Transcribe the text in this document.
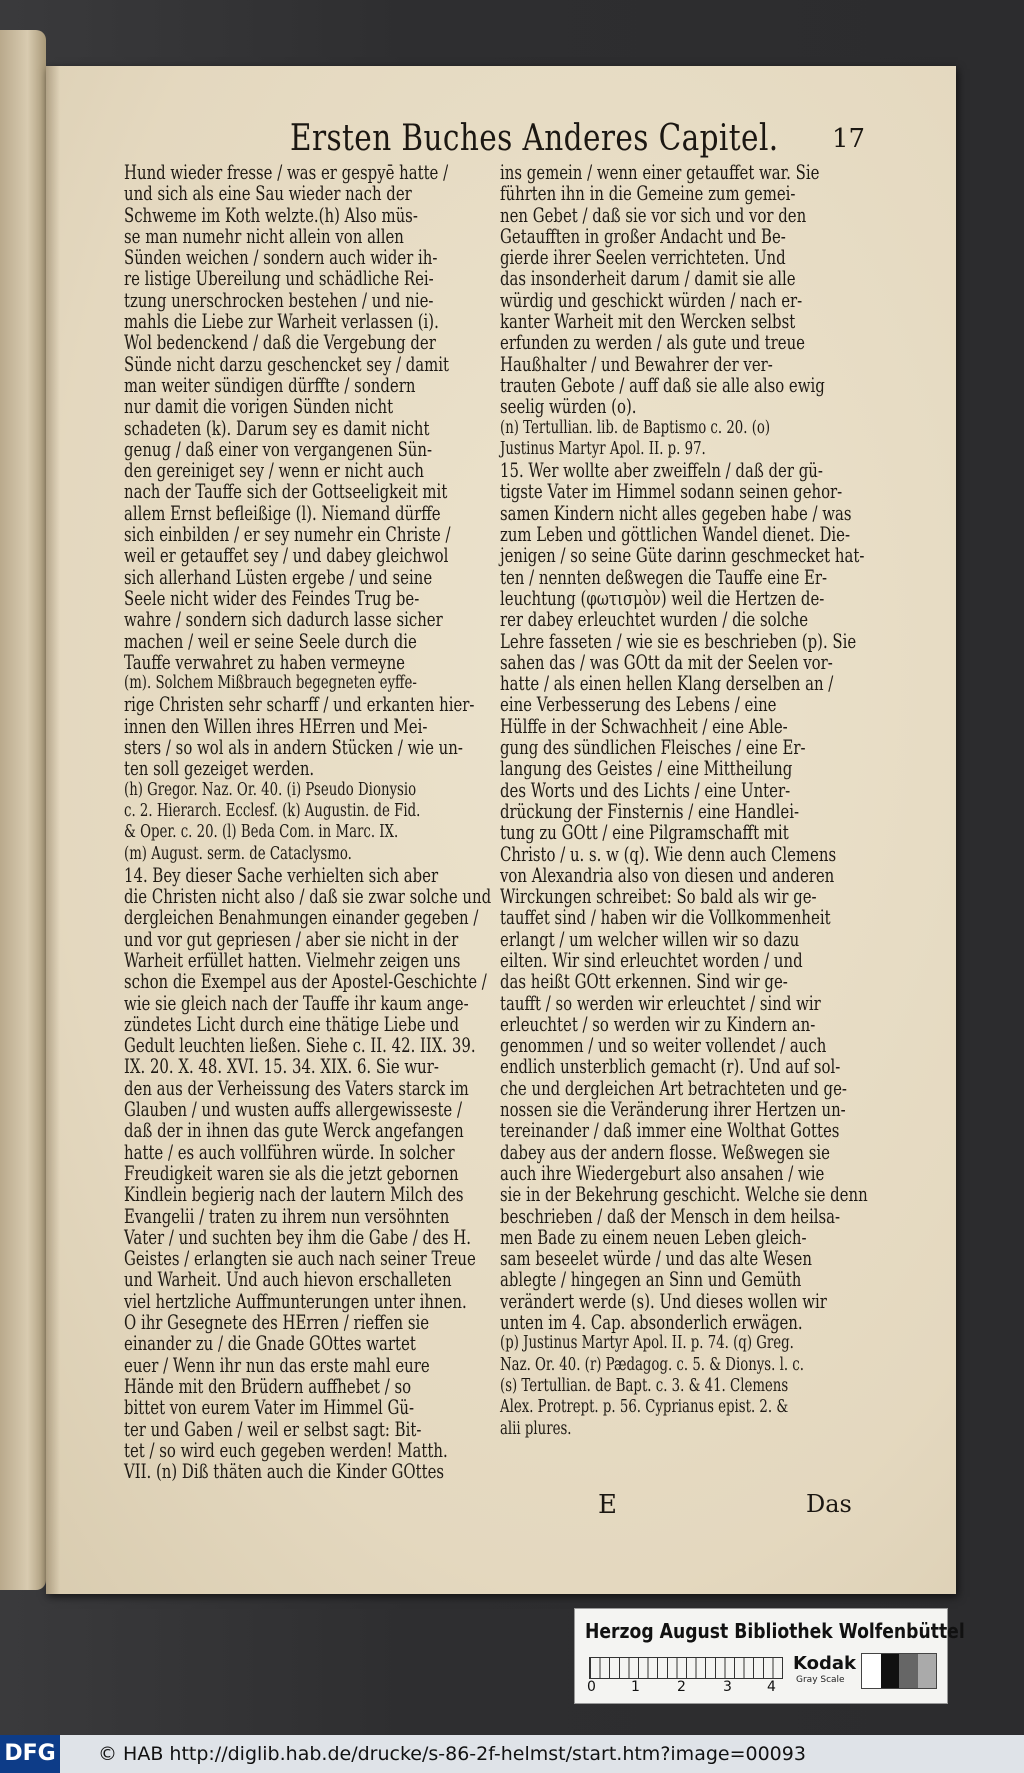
Ersten Buches Anderes Capitel. 17
Hund wieder fresse / was er gespyē hatte /
und sich als eine Sau wieder nach der
Schweme im Koth welzte.(h) Also müs-
se man numehr nicht allein von allen
Sünden weichen / sondern auch wider ih-
re listige Ubereilung und schädliche Rei-
tzung unerschrocken bestehen / und nie-
mahls die Liebe zur Warheit verlassen (i).
Wol bedenckend / daß die Vergebung der
Sünde nicht darzu geschencket sey / damit
man weiter sündigen dürffte / sondern
nur damit die vorigen Sünden nicht
schadeten (k). Darum sey es damit nicht
genug / daß einer von vergangenen Sün-
den gereiniget sey / wenn er nicht auch
nach der Tauffe sich der Gottseeligkeit mit
allem Ernst befleißige (l). Niemand dürffe
sich einbilden / er sey numehr ein Christe /
weil er getauffet sey / und dabey gleichwol
sich allerhand Lüsten ergebe / und seine
Seele nicht wider des Feindes Trug be-
wahre / sondern sich dadurch lasse sicher
machen / weil er seine Seele durch die
Tauffe verwahret zu haben vermeyne
(m). Solchem Mißbrauch begegneten eyffe-
rige Christen sehr scharff / und erkanten hier-
innen den Willen ihres HErren und Mei-
sters / so wol als in andern Stücken / wie un-
ten soll gezeiget werden.
(h) Gregor. Naz. Or. 40. (i) Pseudo Dionysio
c. 2. Hierarch. Ecclesf. (k) Augustin. de Fid.
& Oper. c. 20. (l) Beda Com. in Marc. IX.
(m) August. serm. de Cataclysmo.
14. Bey dieser Sache verhielten sich aber
die Christen nicht also / daß sie zwar solche und
dergleichen Benahmungen einander gegeben /
und vor gut gepriesen / aber sie nicht in der
Warheit erfüllet hatten. Vielmehr zeigen uns
schon die Exempel aus der Apostel-Geschichte /
wie sie gleich nach der Tauffe ihr kaum ange-
zündetes Licht durch eine thätige Liebe und
Gedult leuchten ließen. Siehe c. II. 42. IIX. 39.
IX. 20. X. 48. XVI. 15. 34. XIX. 6. Sie wur-
den aus der Verheissung des Vaters starck im
Glauben / und wusten auffs allergewisseste /
daß der in ihnen das gute Werck angefangen
hatte / es auch vollführen würde. In solcher
Freudigkeit waren sie als die jetzt gebornen
Kindlein begierig nach der lautern Milch des
Evangelii / traten zu ihrem nun versöhnten
Vater / und suchten bey ihm die Gabe / des H.
Geistes / erlangten sie auch nach seiner Treue
und Warheit. Und auch hievon erschalleten
viel hertzliche Auffmunterungen unter ihnen.
O ihr Gesegnete des HErren / rieffen sie
einander zu / die Gnade GOttes wartet
euer / Wenn ihr nun das erste mahl eure
Hände mit den Brüdern auffhebet / so
bittet von eurem Vater im Himmel Gü-
ter und Gaben / weil er selbst sagt: Bit-
tet / so wird euch gegeben werden! Matth.
VII. (n) Diß thäten auch die Kinder GOttes
ins gemein / wenn einer getauffet war. Sie
führten ihn in die Gemeine zum gemei-
nen Gebet / daß sie vor sich und vor den
Getaufften in großer Andacht und Be-
gierde ihrer Seelen verrichteten. Und
das insonderheit darum / damit sie alle
würdig und geschickt würden / nach er-
kanter Warheit mit den Wercken selbst
erfunden zu werden / als gute und treue
Haußhalter / und Bewahrer der ver-
trauten Gebote / auff daß sie alle also ewig
seelig würden (o).
(n) Tertullian. lib. de Baptismo c. 20. (o)
Justinus Martyr Apol. II. p. 97.
15. Wer wollte aber zweiffeln / daß der gü-
tigste Vater im Himmel sodann seinen gehor-
samen Kindern nicht alles gegeben habe / was
zum Leben und göttlichen Wandel dienet. Die-
jenigen / so seine Güte darinn geschmecket hat-
ten / nennten deßwegen die Tauffe eine Er-
leuchtung (φωτισμὸν) weil die Hertzen de-
rer dabey erleuchtet wurden / die solche
Lehre fasseten / wie sie es beschrieben (p). Sie
sahen das / was GOtt da mit der Seelen vor-
hatte / als einen hellen Klang derselben an /
eine Verbesserung des Lebens / eine
Hülffe in der Schwachheit / eine Able-
gung des sündlichen Fleisches / eine Er-
langung des Geistes / eine Mittheilung
des Worts und des Lichts / eine Unter-
drückung der Finsternis / eine Handlei-
tung zu GOtt / eine Pilgramschafft mit
Christo / u. s. w (q). Wie denn auch Clemens
von Alexandria also von diesen und anderen
Wirckungen schreibet: So bald als wir ge-
tauffet sind / haben wir die Vollkommenheit
erlangt / um welcher willen wir so dazu
eilten. Wir sind erleuchtet worden / und
das heißt GOtt erkennen. Sind wir ge-
taufft / so werden wir erleuchtet / sind wir
erleuchtet / so werden wir zu Kindern an-
genommen / und so weiter vollendet / auch
endlich unsterblich gemacht (r). Und auf sol-
che und dergleichen Art betrachteten und ge-
nossen sie die Veränderung ihrer Hertzen un-
tereinander / daß immer eine Wolthat Gottes
dabey aus der andern flosse. Weßwegen sie
auch ihre Wiedergeburt also ansahen / wie
sie in der Bekehrung geschicht. Welche sie denn
beschrieben / daß der Mensch in dem heilsa-
men Bade zu einem neuen Leben gleich-
sam beseelet würde / und das alte Wesen
ablegte / hingegen an Sinn und Gemüth
verändert werde (s). Und dieses wollen wir
unten im 4. Cap. absonderlich erwägen.
(p) Justinus Martyr Apol. II. p. 74. (q) Greg.
Naz. Or. 40. (r) Pædagog. c. 5. & Dionys. l. c.
(s) Tertullian. de Bapt. c. 3. & 41. Clemens
Alex. Protrept. p. 56. Cyprianus epist. 2. &
alii plures.
E	Das
Herzog August Bibliothek Wolfenbüttel
0	1	2	3	4
Kodak
Gray Scale
DFG © HAB http://diglib.hab.de/drucke/s-86-2f-helmst/start.htm?image=00093
